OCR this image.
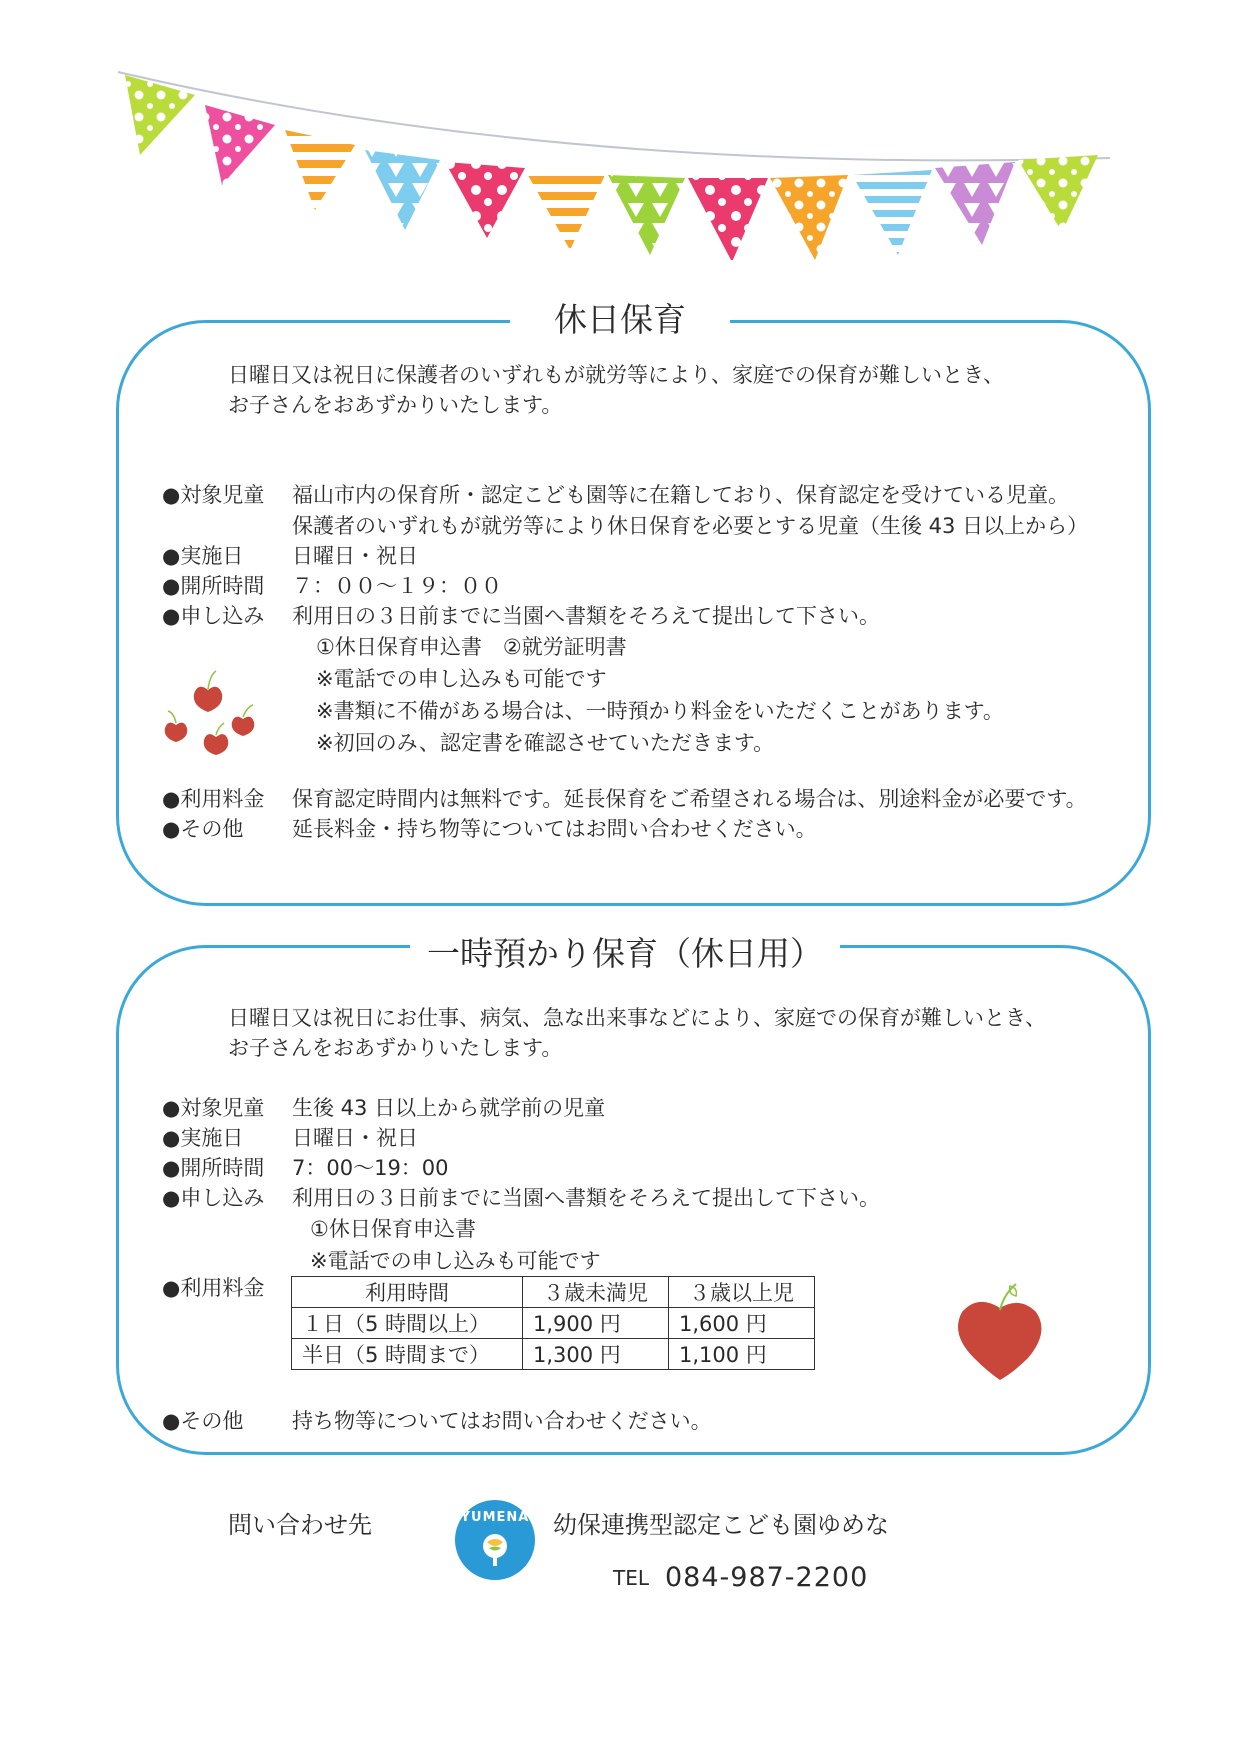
休日保育
日曜日又は祝日に保護者のいずれもが就労等により、家庭での保育が難しいとき、
お子さんをおあずかりいたします。
●対象児童 福山市内の保育所・認定こども園等に在籍しており、保育認定を受けている児童。
保護者のいずれもが就労等により休日保育を必要とする児童（生後 43 日以上から）
●実施日 日曜日・祝日
●開所時間 ７：００～１９：００
●申し込み 利用日の３日前までに当園へ書類をそろえて提出して下さい。
①休日保育申込書　②就労証明書
※電話での申し込みも可能です
※書類に不備がある場合は、一時預かり料金をいただくことがあります。
※初回のみ、認定書を確認させていただきます。
●利用料金 保育認定時間内は無料です。延長保育をご希望される場合は、別途料金が必要です。
●その他 延長料金・持ち物等についてはお問い合わせください。
一時預かり保育（休日用）
日曜日又は祝日にお仕事、病気、急な出来事などにより、家庭での保育が難しいとき、
お子さんをおあずかりいたします。
●対象児童 生後 43 日以上から就学前の児童
●実施日 日曜日・祝日
●開所時間 7：00～19：00
●申し込み 利用日の３日前までに当園へ書類をそろえて提出して下さい。
①休日保育申込書
※電話での申し込みも可能です
●利用料金	利用時間	３歳未満児	３歳以上児
１日（5 時間以上）	1,900 円	1,600 円
半日（5 時間まで）	1,300 円	1,100 円
●その他 持ち物等についてはお問い合わせください。
問い合わせ先	YUMENA 幼保連携型認定こども園ゆめな
TEL 084-987-2200
